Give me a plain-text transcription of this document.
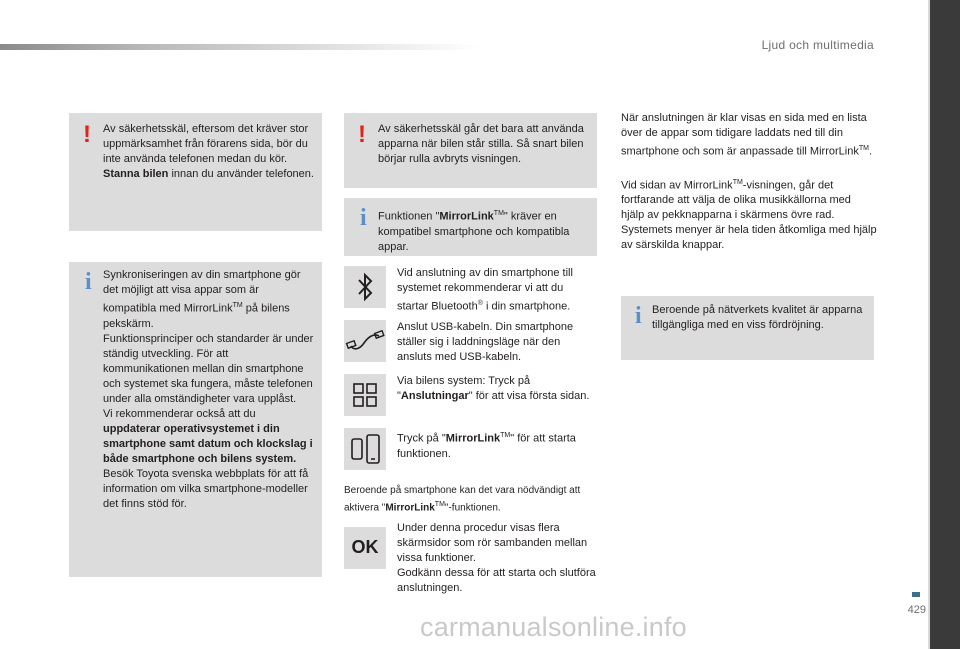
Ljud och multimedia
429
! Av säkerhetsskäl, eftersom det kräver stor uppmärksamhet från förarens sida, bör du inte använda telefonen medan du kör.
Stanna bilen innan du använder telefonen.

i Synkroniseringen av din smartphone gör det möjligt att visa appar som är kompatibla med MirrorLink™ på bilens pekskärm.

Funktionsprinciper och standarder är under ständig utveckling. För att kommunikationen mellan din smartphone och systemet ska fungera, måste telefonen under alla omständigheter vara upplåst.

Vi rekommenderar också att du
uppdaterar operativsystemet i din smartphone samt datum och klockslag i både smartphone och bilens system.

Besök Toyota svenska webbplats för att få information om vilka smartphone-modeller det finns stöd för.

! Av säkerhetsskäl går det bara att använda apparna när bilen står stilla. Så snart bilen börjar rulla avbryts visningen.

i Funktionen "MirrorLink™" kräver en kompatibel smartphone och kompatibla appar.

Vid anslutning av din smartphone till systemet rekommenderar vi att du startar Bluetooth® i din smartphone.

Anslut USB-kabeln. Din smartphone ställer sig i laddningsläge när den ansluts med USB-kabeln.

Via bilens system: Tryck på "Anslutningar" för att visa första sidan.

Tryck på "MirrorLink™" för att starta funktionen.

Beroende på smartphone kan det vara nödvändigt att aktivera "MirrorLink™"-funktionen.

OK

Under denna procedur visas flera skärmsidor som rör sambanden mellan vissa funktioner.
Godkänn dessa för att starta och slutföra anslutningen.

När anslutningen är klar visas en sida med en lista över de appar som tidigare laddats ned till din smartphone och som är anpassade till MirrorLink™.

Vid sidan av MirrorLink™-visningen, går det fortfarande att välja de olika musikkällorna med hjälp av pekknapparna i skärmens övre rad. Systemets menyer är hela tiden åtkomliga med hjälp av särskilda knappar.

i Beroende på nätverkets kvalitet är apparna tillgängliga med en viss fördröjning.

carmanualsonline.info
